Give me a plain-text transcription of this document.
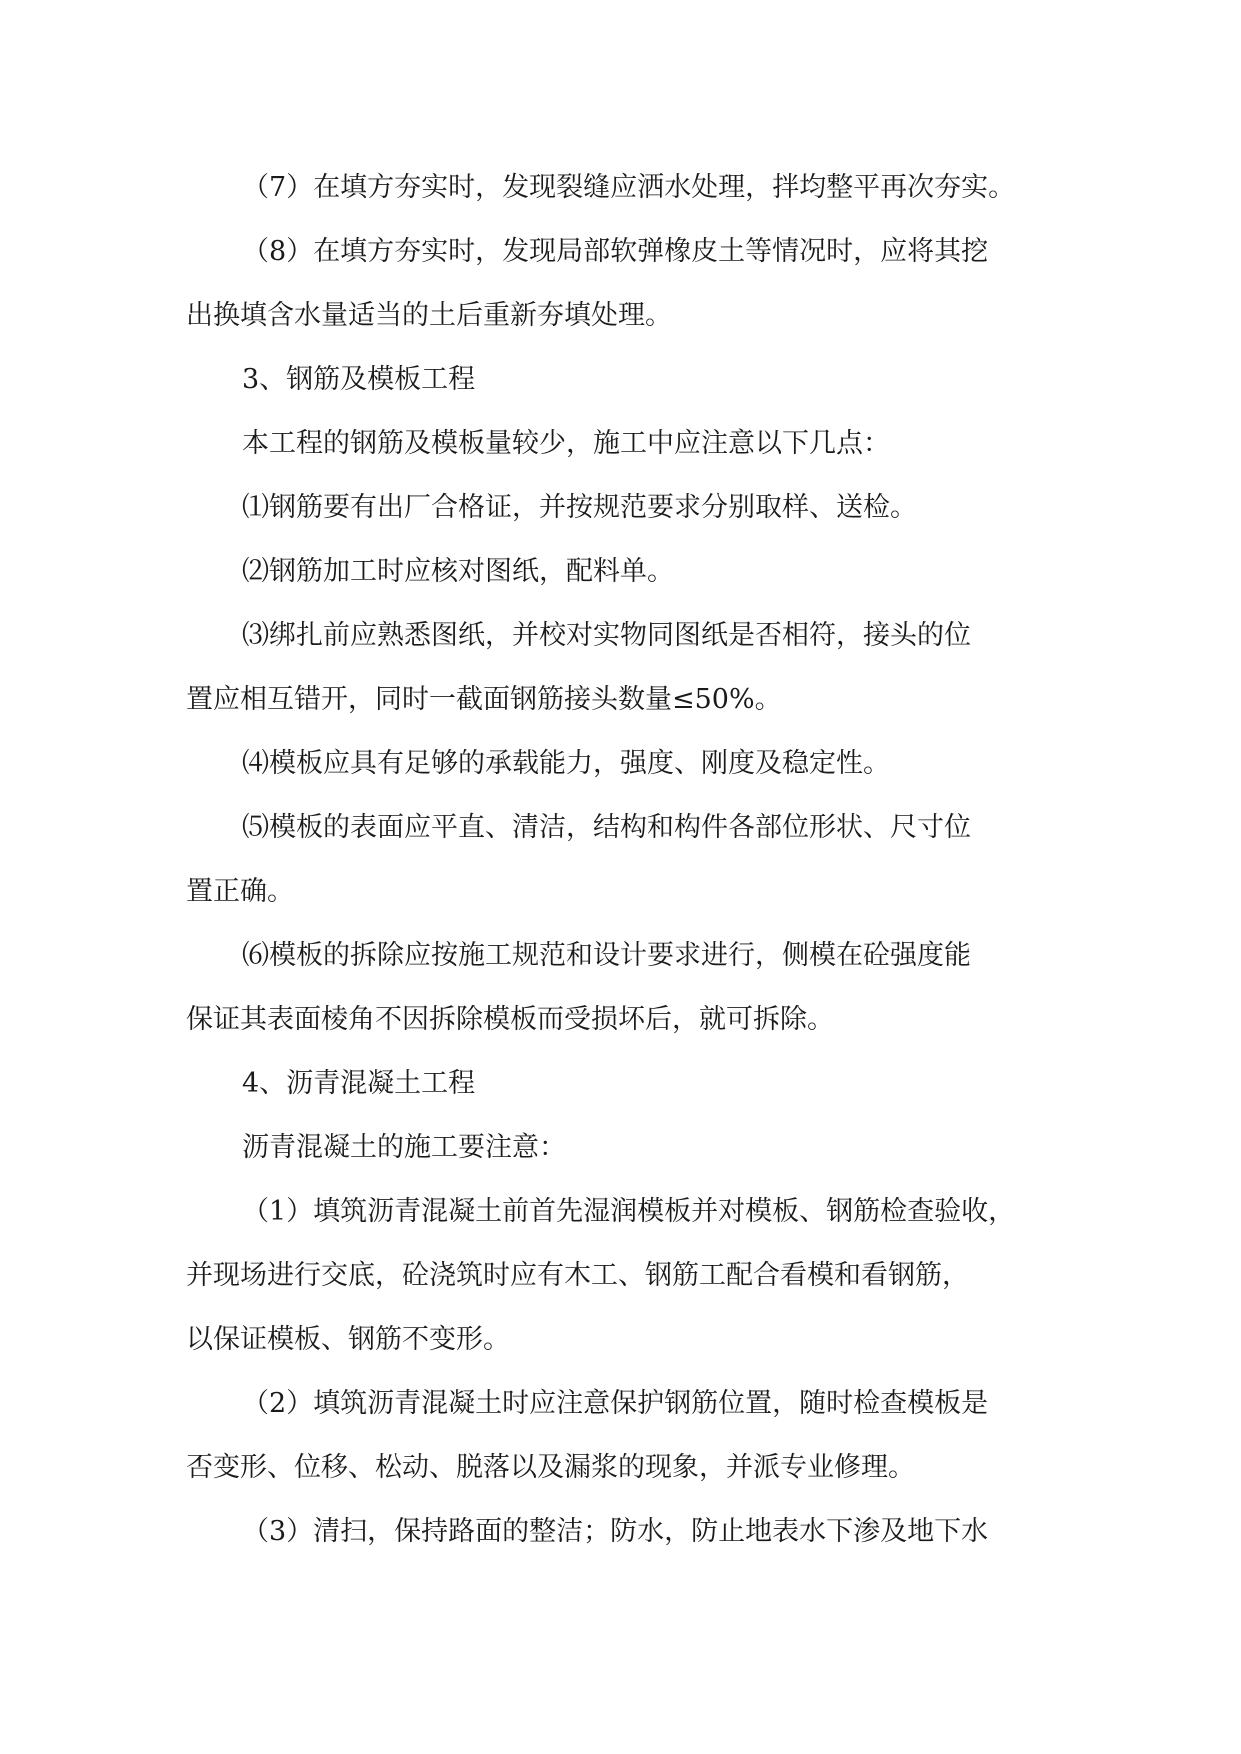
（7）在填方夯实时，发现裂缝应洒水处理，拌均整平再次夯实。

（8）在填方夯实时，发现局部软弹橡皮土等情况时，应将其挖

出换填含水量适当的土后重新夯填处理。

3、钢筋及模板工程

本工程的钢筋及模板量较少，施工中应注意以下几点：

⑴钢筋要有出厂合格证，并按规范要求分别取样、送检。

⑵钢筋加工时应核对图纸，配料单。

⑶绑扎前应熟悉图纸，并校对实物同图纸是否相符，接头的位

置应相互错开，同时一截面钢筋接头数量≤50%。

⑷模板应具有足够的承载能力，强度、刚度及稳定性。

⑸模板的表面应平直、清洁，结构和构件各部位形状、尺寸位

置正确。

⑹模板的拆除应按施工规范和设计要求进行，侧模在砼强度能

保证其表面棱角不因拆除模板而受损坏后，就可拆除。

4、沥青混凝土工程

沥青混凝土的施工要注意：

（1）填筑沥青混凝土前首先湿润模板并对模板、钢筋检查验收，

并现场进行交底，砼浇筑时应有木工、钢筋工配合看模和看钢筋，

以保证模板、钢筋不变形。

（2）填筑沥青混凝土时应注意保护钢筋位置，随时检查模板是

否变形、位移、松动、脱落以及漏浆的现象，并派专业修理。

（3）清扫，保持路面的整洁；防水，防止地表水下渗及地下水
